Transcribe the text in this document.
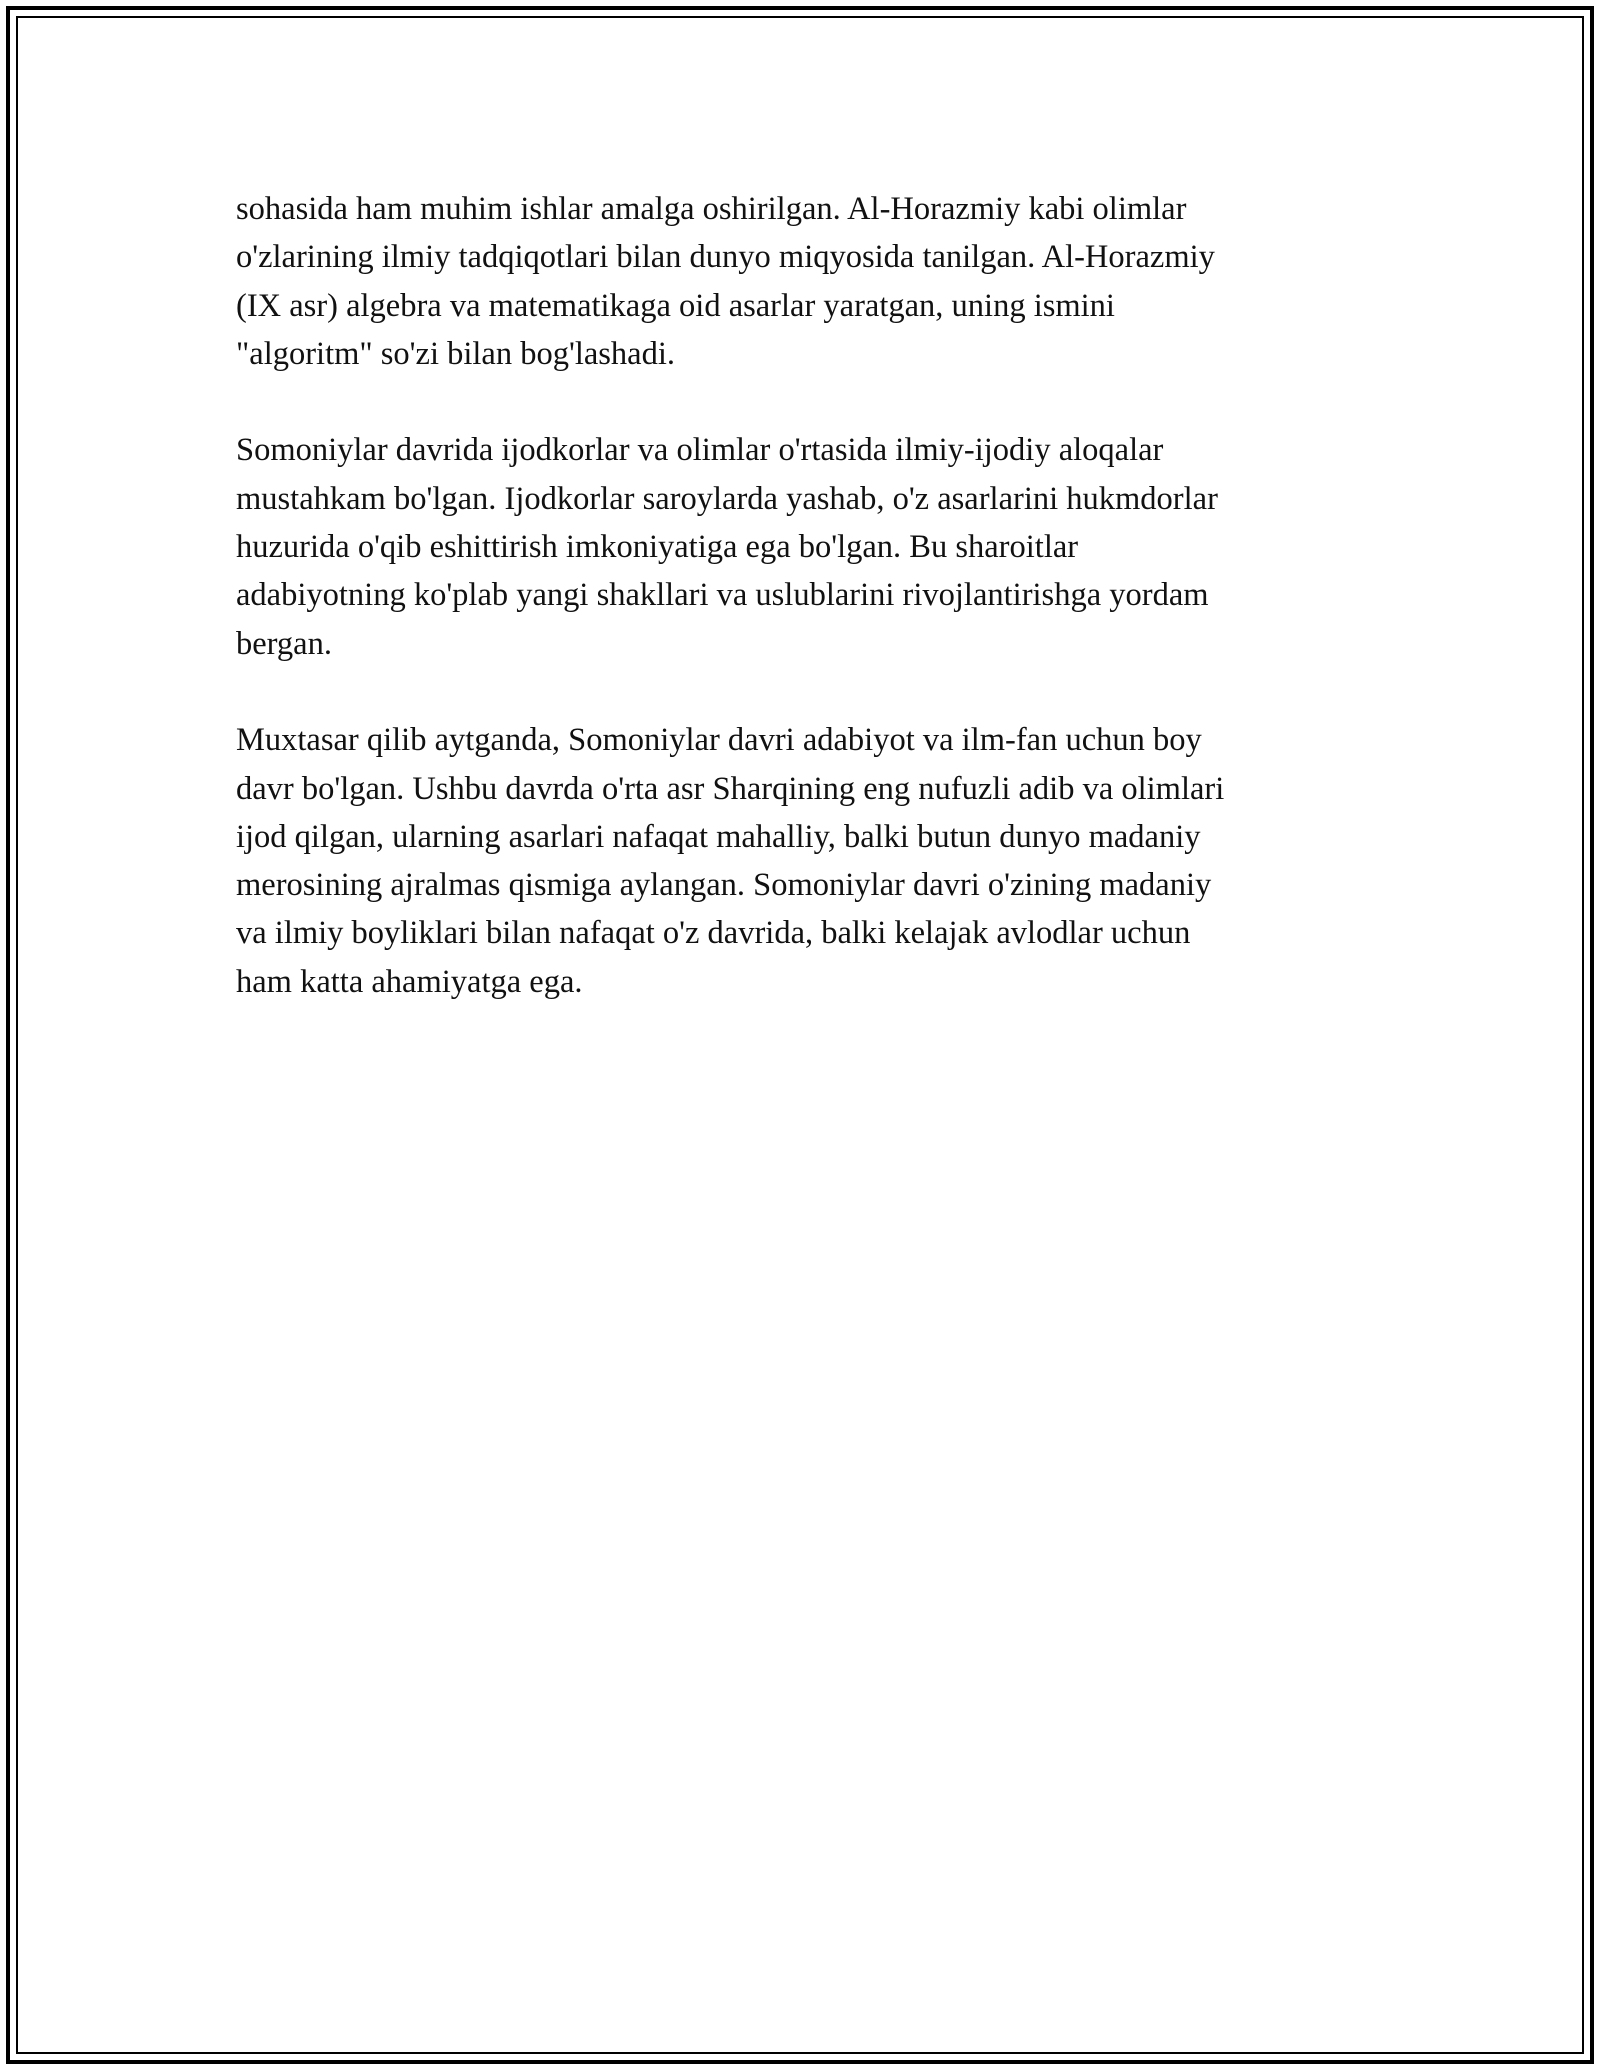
sohasida ham muhim ishlar amalga oshirilgan. Al-Horazmiy kabi olimlar
o'zlarining ilmiy tadqiqotlari bilan dunyo miqyosida tanilgan. Al-Horazmiy
(IX asr) algebra va matematikaga oid asarlar yaratgan, uning ismini
"algoritm" so'zi bilan bog'lashadi.

Somoniylar davrida ijodkorlar va olimlar o'rtasida ilmiy-ijodiy aloqalar
mustahkam bo'lgan. Ijodkorlar saroylarda yashab, o'z asarlarini hukmdorlar
huzurida o'qib eshittirish imkoniyatiga ega bo'lgan. Bu sharoitlar
adabiyotning ko'plab yangi shakllari va uslublarini rivojlantirishga yordam
bergan.

Muxtasar qilib aytganda, Somoniylar davri adabiyot va ilm-fan uchun boy
davr bo'lgan. Ushbu davrda o'rta asr Sharqining eng nufuzli adib va olimlari
ijod qilgan, ularning asarlari nafaqat mahalliy, balki butun dunyo madaniy
merosining ajralmas qismiga aylangan. Somoniylar davri o'zining madaniy
va ilmiy boyliklari bilan nafaqat o'z davrida, balki kelajak avlodlar uchun
ham katta ahamiyatga ega.
